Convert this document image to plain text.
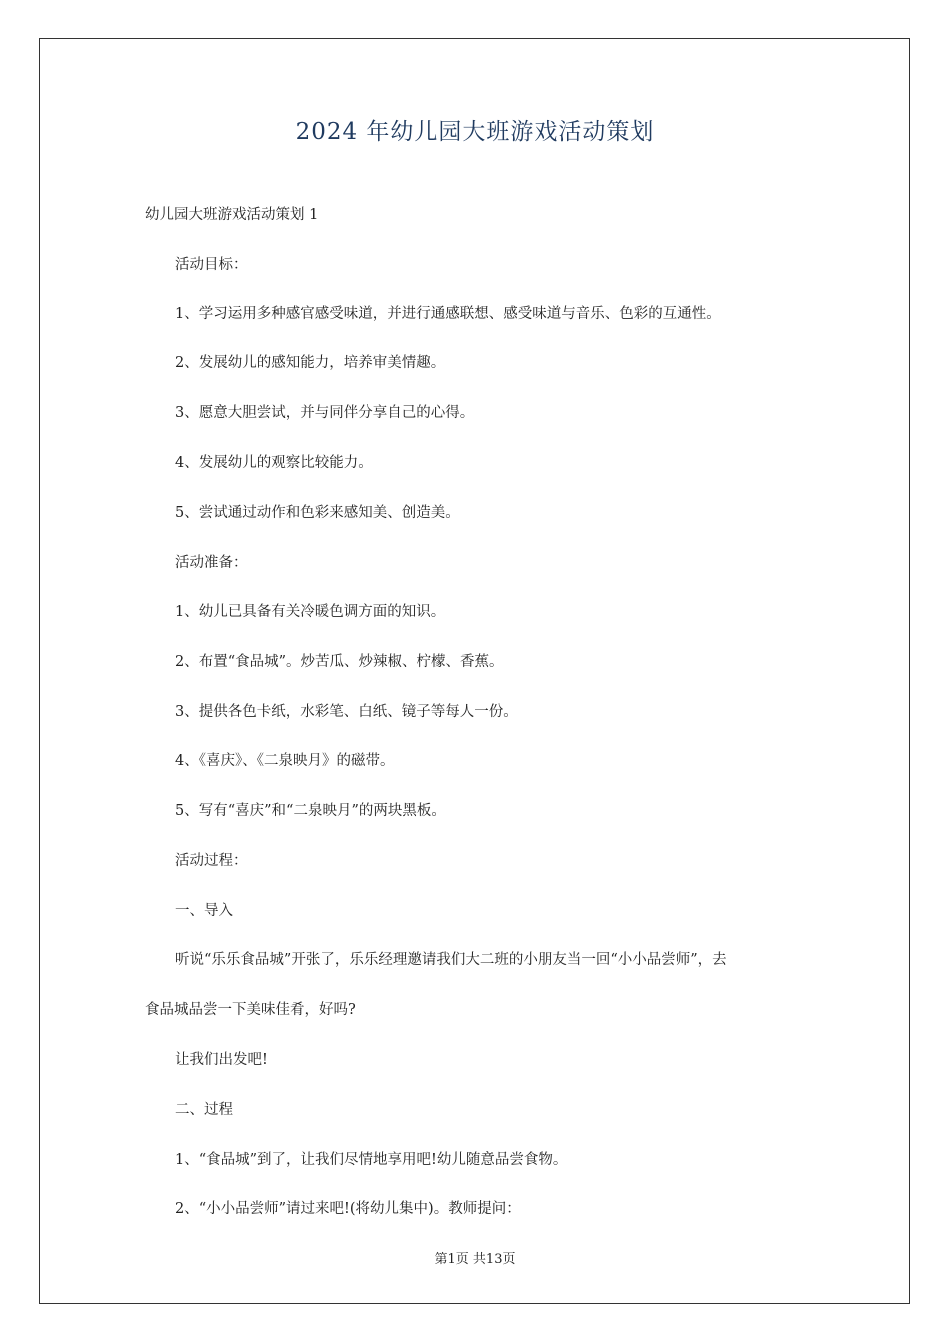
2024 年幼儿园大班游戏活动策划
幼儿园大班游戏活动策划 1
活动目标：
1、学习运用多种感官感受味道，并进行通感联想、感受味道与音乐、色彩的互通性。
2、发展幼儿的感知能力，培养审美情趣。
3、愿意大胆尝试，并与同伴分享自己的心得。
4、发展幼儿的观察比较能力。
5、尝试通过动作和色彩来感知美、创造美。
活动准备：
1、幼儿已具备有关冷暖色调方面的知识。
2、布置“食品城”。炒苦瓜、炒辣椒、柠檬、香蕉。
3、提供各色卡纸，水彩笔、白纸、镜子等每人一份。
4、《喜庆》、《二泉映月》的磁带。
5、写有“喜庆”和“二泉映月”的两块黑板。
活动过程：
一、导入
听说“乐乐食品城”开张了，乐乐经理邀请我们大二班的小朋友当一回“小小品尝师”，去
食品城品尝一下美味佳肴，好吗?
让我们出发吧!
二、过程
1、“食品城”到了，让我们尽情地享用吧!幼儿随意品尝食物。
2、“小小品尝师”请过来吧!(将幼儿集中)。教师提问：
第1页 共13页
